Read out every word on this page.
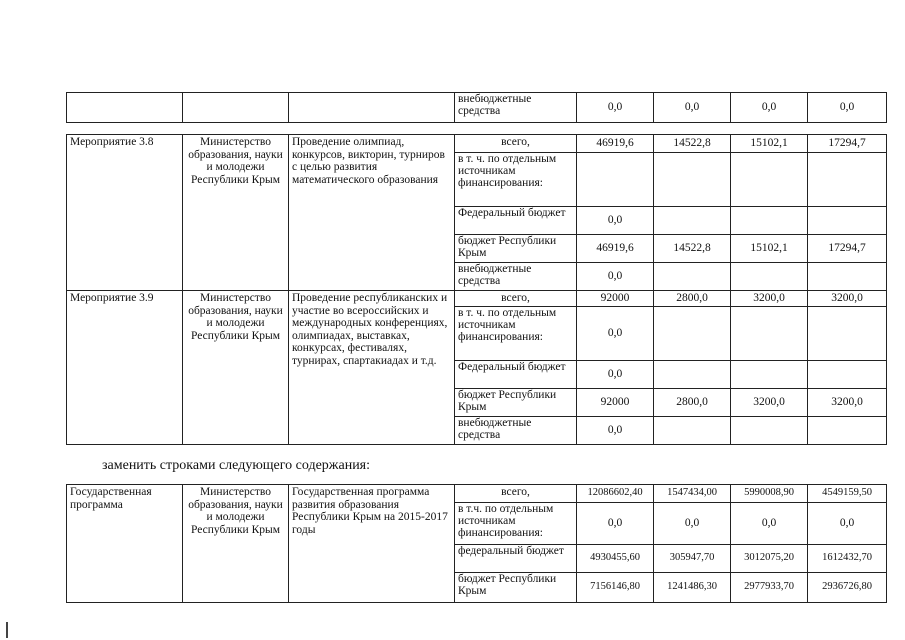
			внебюджетные средства	0,0	0,0	0,0	0,0
Мероприятие 3.8	Министерство образования, науки и молодежи Республики Крым	Проведение олимпиад, конкурсов, викторин, турниров с целью развития математического образования	всего,	46919,6	14522,8	15102,1	17294,7
			в т. ч. по отдельным источникам финансирования:				
			Федеральный бюджет	0,0			
			бюджет Республики Крым	46919,6	14522,8	15102,1	17294,7
			внебюджетные средства	0,0			
Мероприятие 3.9	Министерство образования, науки и молодежи Республики Крым	Проведение республиканских и участие во всероссийских и международных конференциях, олимпиадах, выставках, конкурсах, фестивалях, турнирах, спартакиадах и т.д.	всего,	92000	2800,0	3200,0	3200,0
			в т. ч. по отдельным источникам финансирования:	0,0			
			Федеральный бюджет	0,0			
			бюджет Республики Крым	92000	2800,0	3200,0	3200,0
			внебюджетные средства	0,0			
заменить строками следующего содержания:
Государственная программа	Министерство образования, науки и молодежи Республики Крым	Государственная программа развития образования Республики Крым на 2015-2017 годы	всего,	12086602,40	1547434,00	5990008,90	4549159,50
			в т.ч. по отдельным источникам финансирования:	0,0	0,0	0,0	0,0
			федеральный бюджет	4930455,60	305947,70	3012075,20	1612432,70
			бюджет Республики Крым	7156146,80	1241486,30	2977933,70	2936726,80
